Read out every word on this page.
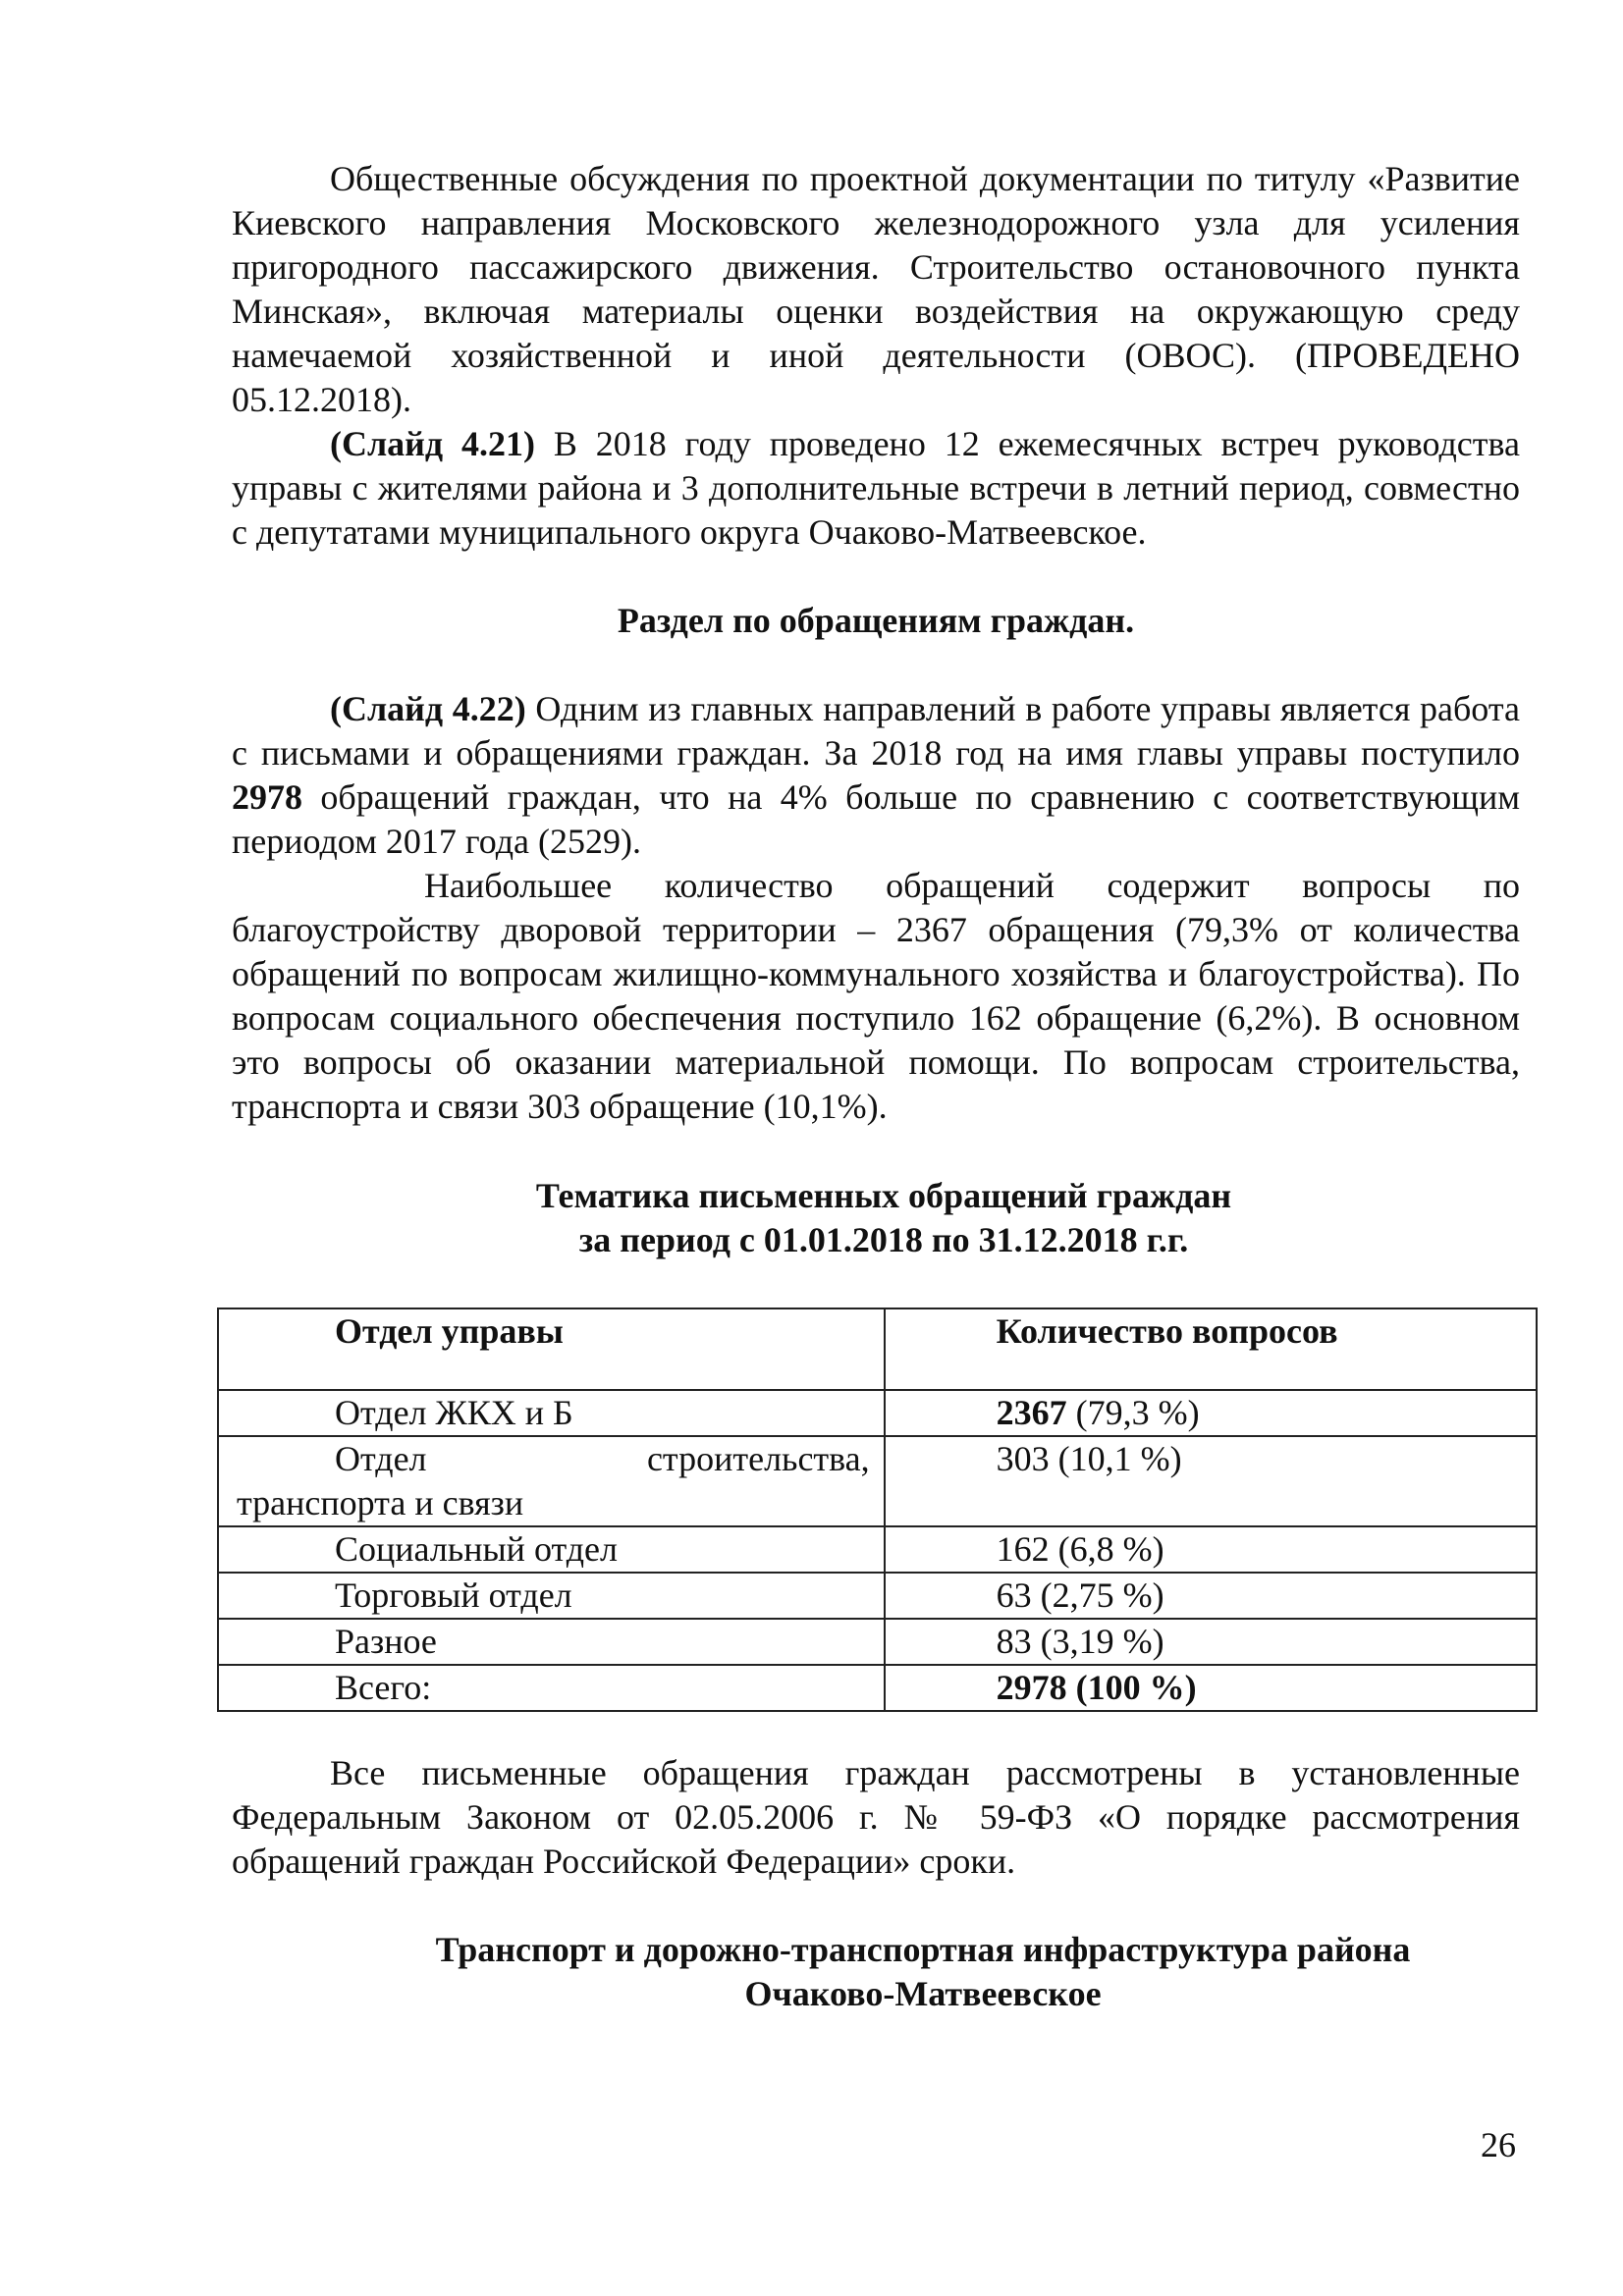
Общественные обсуждения по проектной документации по титулу «Развитие Киевского направления Московского железнодорожного узла для усиления пригородного пассажирского движения. Строительство остановочного пункта Минская», включая материалы оценки воздействия на окружающую среду намечаемой хозяйственной и иной деятельности (ОВОС). (ПРОВЕДЕНО 05.12.2018).

(Слайд 4.21) В 2018 году проведено 12 ежемесячных встреч руководства управы с жителями района и 3 дополнительные встречи в летний период, совместно с депутатами муниципального округа Очаково-Матвеевское.

Раздел по обращениям граждан.

(Слайд 4.22) Одним из главных направлений в работе управы является работа с письмами и обращениями граждан. За 2018 год на имя главы управы поступило 2978 обращений граждан, что на 4% больше по сравнению с соответствующим периодом 2017 года (2529).

Наибольшее количество обращений содержит вопросы по благоустройству дворовой территории – 2367 обращения (79,3% от количества обращений по вопросам жилищно-коммунального хозяйства и благоустройства). По вопросам социального обеспечения поступило 162 обращение (6,2%). В основном это вопросы об оказании материальной помощи. По вопросам строительства, транспорта и связи 303 обращение (10,1%).

Тематика письменных обращений граждан
за период с 01.01.2018 по 31.12.2018 г.г.

Отдел управы	Количество вопросов
Отдел ЖКХ и Б	2367 (79,3 %)

Отдел строительства,
транспорта и связи	303 (10,1 %)
Социальный отдел	162 (6,8 %)
Торговый отдел	63 (2,75 %)
Разное	83 (3,19 %)
Всего:	2978 (100 %)

Все письменные обращения граждан рассмотрены в установленные Федеральным Законом от 02.05.2006 г. № 59-ФЗ «О порядке рассмотрения обращений граждан Российской Федерации» сроки.

Транспорт и дорожно-транспортная инфраструктура района
Очаково-Матвеевское

26
